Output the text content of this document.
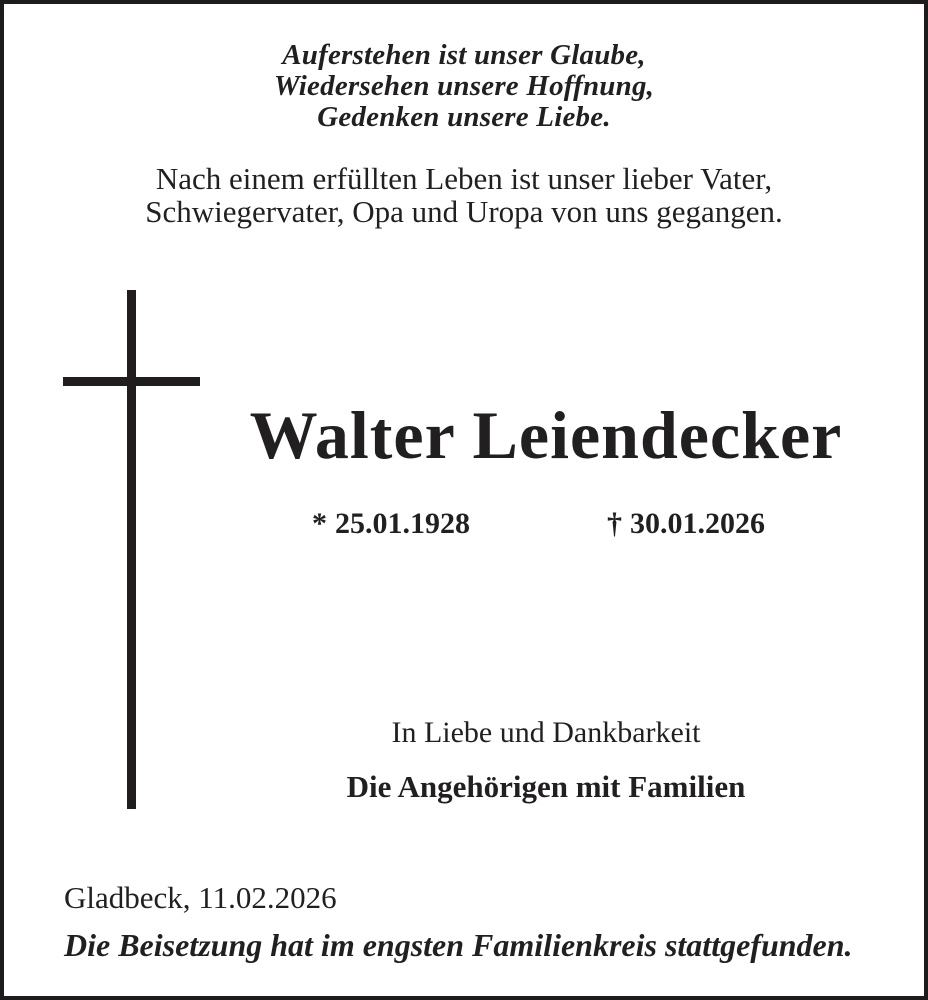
Auferstehen ist unser Glaube,
Wiedersehen unsere Hoffnung,
Gedenken unsere Liebe.
Nach einem erfüllten Leben ist unser lieber Vater,
Schwiegervater, Opa und Uropa von uns gegangen.
Walter Leiendecker
* 25.01.1928	† 30.01.2026
In Liebe und Dankbarkeit
Die Angehörigen mit Familien
Gladbeck, 11.02.2026
Die Beisetzung hat im engsten Familienkreis stattgefunden.
